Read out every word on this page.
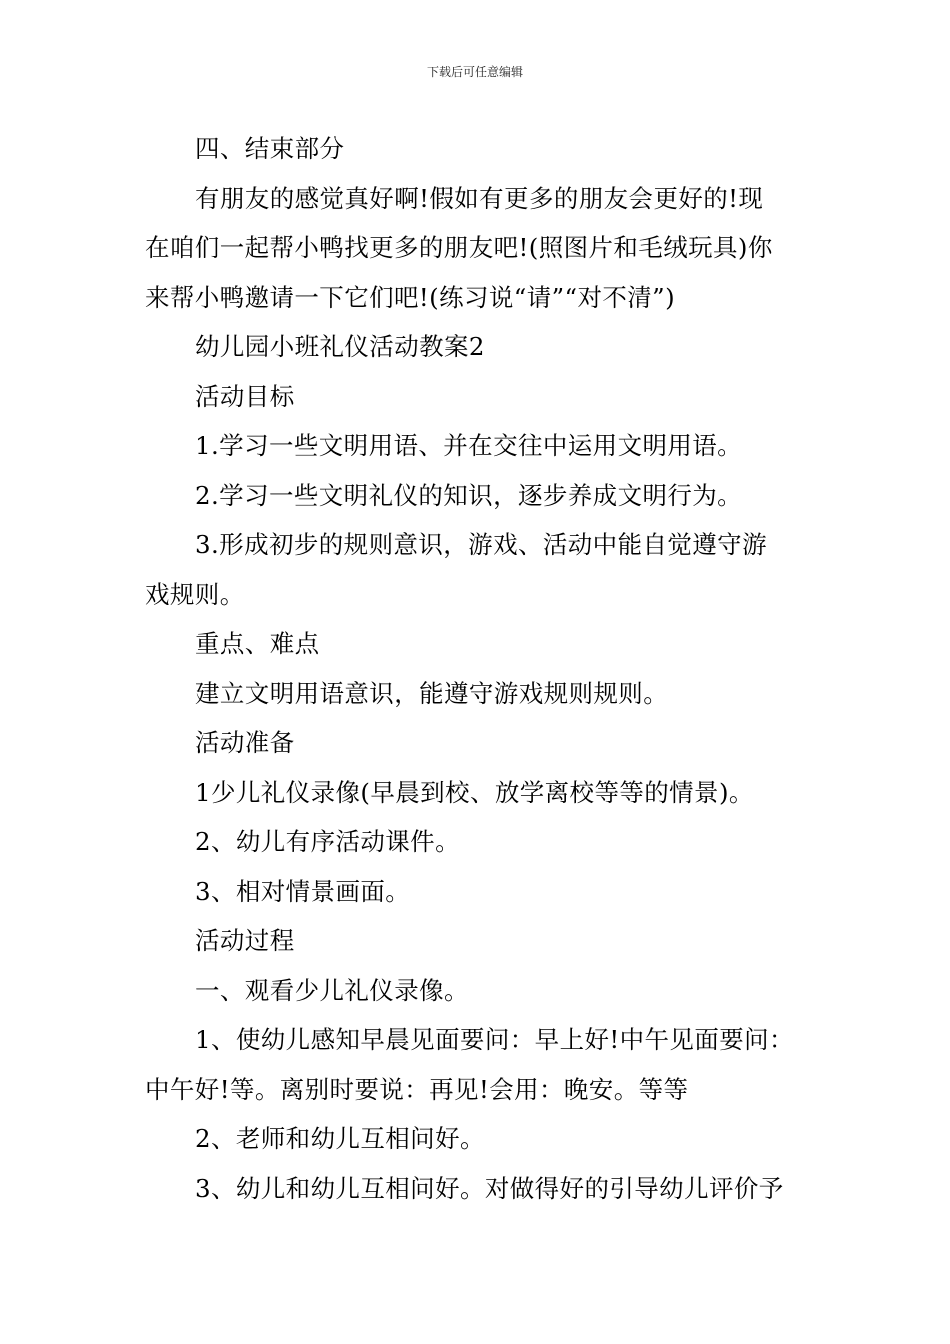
下载后可任意编辑

四、结束部分

有朋友的感觉真好啊!假如有更多的朋友会更好的!现
在咱们一起帮小鸭找更多的朋友吧!(照图片和毛绒玩具)你
来帮小鸭邀请一下它们吧!(练习说“请”“对不清”)

幼儿园小班礼仪活动教案2

活动目标

1.学习一些文明用语、并在交往中运用文明用语。

2.学习一些文明礼仪的知识，逐步养成文明行为。

3.形成初步的规则意识，游戏、活动中能自觉遵守游
戏规则。

重点、难点

建立文明用语意识，能遵守游戏规则规则。

活动准备

1少儿礼仪录像(早晨到校、放学离校等等的情景)。

2、幼儿有序活动课件。

3、相对情景画面。

活动过程

一、观看少儿礼仪录像。

1、使幼儿感知早晨见面要问：早上好!中午见面要问：
中午好!等。离别时要说：再见!会用：晚安。等等

2、老师和幼儿互相问好。

3、幼儿和幼儿互相问好。对做得好的引导幼儿评价予
